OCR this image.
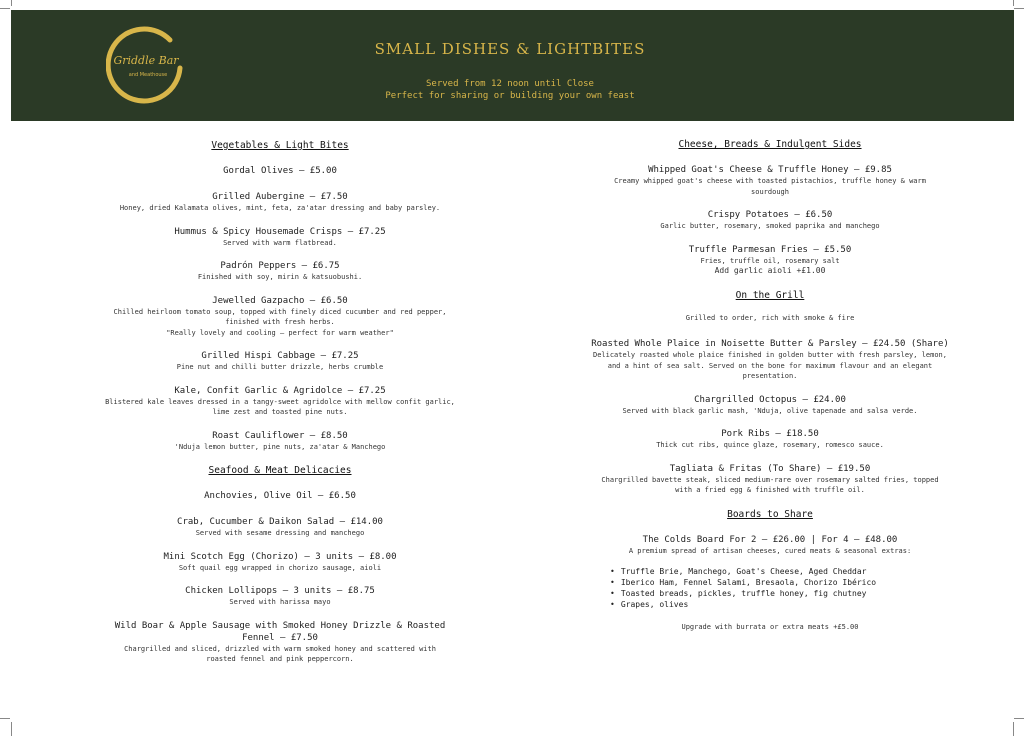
Griddle Bar
and Meathouse
SMALL DISHES & LIGHTBITES
Served from 12 noon until Close
Perfect for sharing or building your own feast
Vegetables & Light Bites
Gordal Olives – £5.00
Grilled Aubergine – £7.50
Honey, dried Kalamata olives, mint, feta, za'atar dressing and baby parsley.
Hummus & Spicy Housemade Crisps – £7.25
Served with warm flatbread.
Padrón Peppers – £6.75
Finished with soy, mirin & katsuobushi.
Jewelled Gazpacho – £6.50
Chilled heirloom tomato soup, topped with finely diced cucumber and red pepper,
finished with fresh herbs.
"Really lovely and cooling – perfect for warm weather"
Grilled Hispi Cabbage – £7.25
Pine nut and chilli butter drizzle, herbs crumble
Kale, Confit Garlic & Agridolce – £7.25
Blistered kale leaves dressed in a tangy-sweet agridolce with mellow confit garlic,
lime zest and toasted pine nuts.
Roast Cauliflower – £8.50
'Nduja lemon butter, pine nuts, za'atar & Manchego
Seafood & Meat Delicacies
Anchovies, Olive Oil – £6.50
Crab, Cucumber & Daikon Salad – £14.00
Served with sesame dressing and manchego
Mini Scotch Egg (Chorizo) – 3 units – £8.00
Soft quail egg wrapped in chorizo sausage, aioli
Chicken Lollipops – 3 units – £8.75
Served with harissa mayo
Wild Boar & Apple Sausage with Smoked Honey Drizzle & Roasted
Fennel – £7.50
Chargrilled and sliced, drizzled with warm smoked honey and scattered with
roasted fennel and pink peppercorn.
Cheese, Breads & Indulgent Sides
Whipped Goat's Cheese & Truffle Honey – £9.85
Creamy whipped goat's cheese with toasted pistachios, truffle honey & warm
sourdough
Crispy Potatoes – £6.50
Garlic butter, rosemary, smoked paprika and manchego
Truffle Parmesan Fries – £5.50
Fries, truffle oil, rosemary salt
Add garlic aioli +£1.00
On the Grill
Grilled to order, rich with smoke & fire
Roasted Whole Plaice in Noisette Butter & Parsley – £24.50 (Share)
Delicately roasted whole plaice finished in golden butter with fresh parsley, lemon,
and a hint of sea salt. Served on the bone for maximum flavour and an elegant
presentation.
Chargrilled Octopus – £24.00
Served with black garlic mash, 'Nduja, olive tapenade and salsa verde.
Pork Ribs – £18.50
Thick cut ribs, quince glaze, rosemary, romesco sauce.
Tagliata & Fritas (To Share) – £19.50
Chargrilled bavette steak, sliced medium-rare over rosemary salted fries, topped
with a fried egg & finished with truffle oil.
Boards to Share
The Colds Board For 2 – £26.00 | For 4 – £48.00
A premium spread of artisan cheeses, cured meats & seasonal extras:
• Truffle Brie, Manchego, Goat's Cheese, Aged Cheddar
• Iberico Ham, Fennel Salami, Bresaola, Chorizo Ibérico
• Toasted breads, pickles, truffle honey, fig chutney
• Grapes, olives
Upgrade with burrata or extra meats +£5.00
